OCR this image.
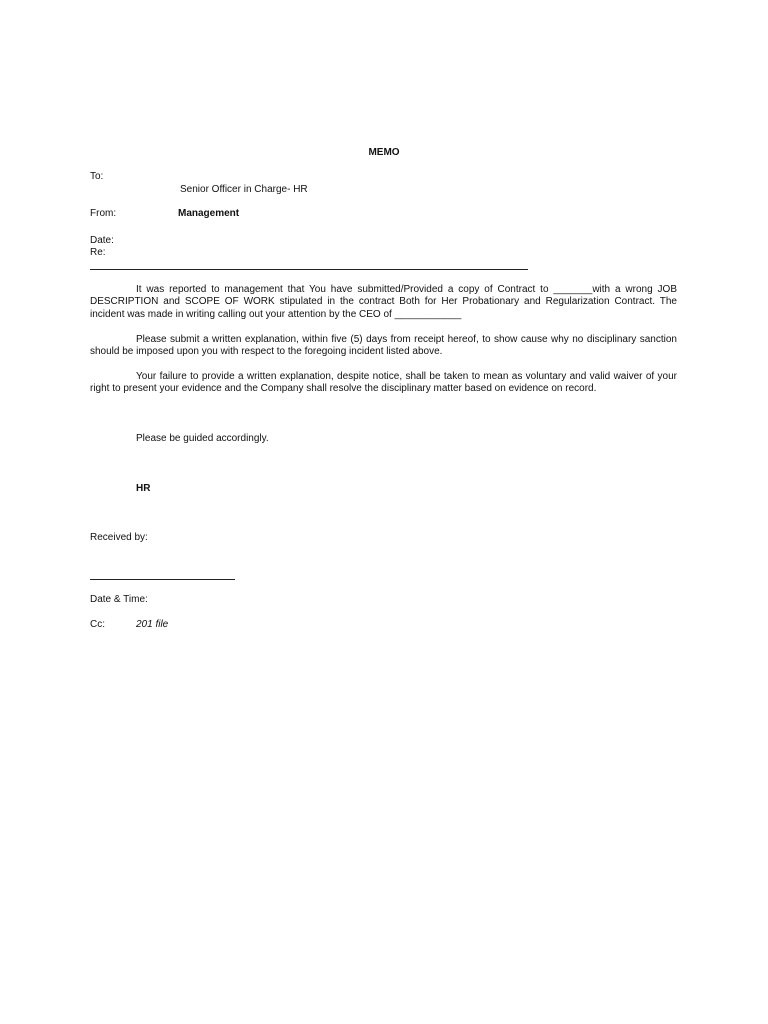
MEMO

To:

Senior Officer in Charge- HR

From:	Management

Date:

Re:

It was reported to management that You have submitted/Provided a copy of Contract to _______with a wrong JOB DESCRIPTION and SCOPE OF WORK stipulated in the contract Both for Her Probationary and Regularization Contract. The incident was made in writing calling out your attention by the CEO of ____________

Please submit a written explanation, within five (5) days from receipt hereof, to show cause why no disciplinary sanction should be imposed upon you with respect to the foregoing incident listed above.

Your failure to provide a written explanation, despite notice, shall be taken to mean as voluntary and valid waiver of your right to present your evidence and the Company shall resolve the disciplinary matter based on evidence on record.

Please be guided accordingly.

HR

Received by:

Date & Time:

Cc:	201 file
